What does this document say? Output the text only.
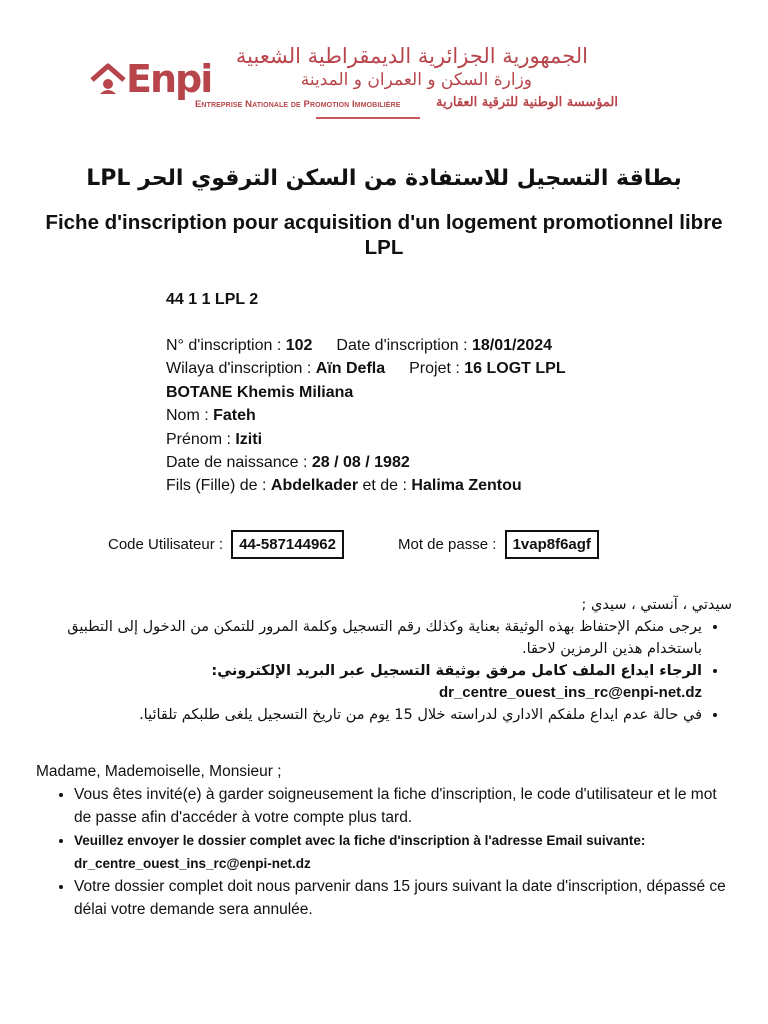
Enpi
الجمهورية الجزائرية الديمقراطية الشعبية
وزارة السكن و العمران و المدينة
Entreprise Nationale de Promotion Immobilière	المؤسسة الوطنية للترقية العقارية
بطاقة التسجيل للاستفادة من السكن الترقوي الحر LPL
Fiche d'inscription pour acquisition d'un logement promotionnel libre LPL
44 1 1 LPL 2
N° d'inscription : 102 Date d'inscription : 18/01/2024
Wilaya d'inscription : Aïn Defla Projet : 16 LOGT LPL
BOTANE Khemis Miliana
Nom : Fateh
Prénom : Iziti
Date de naissance : 28 / 08 / 1982
Fils (Fille) de : Abdelkader et de : Halima Zentou
Code Utilisateur : 44-587144962	Mot de passe : 1vap8f6agf
سيدتي ، آنستي ، سيدي ;
• يرجى منكم الإحتفاظ بهذه الوثيقة بعناية وكذلك رقم التسجيل وكلمة المرور للتمكن من الدخول إلى التطبيق باستخدام هذين الرمزين لاحقا.
• الرجاء ايداع الملف كامل مرفق بوثيقة التسجيل عبر البريد الإلكتروني:
dr_centre_ouest_ins_rc@enpi-net.dz
• في حالة عدم ايداع ملفكم الاداري لدراسته خلال 15 يوم من تاريخ التسجيل يلغى طلبكم تلقائيا.
Madame, Mademoiselle, Monsieur ;
• Vous êtes invité(e) à garder soigneusement la fiche d'inscription, le code d'utilisateur et le mot de passe afin d'accéder à votre compte plus tard.
• Veuillez envoyer le dossier complet avec la fiche d'inscription à l'adresse Email suivante:
dr_centre_ouest_ins_rc@enpi-net.dz
• Votre dossier complet doit nous parvenir dans 15 jours suivant la date d'inscription, dépassé ce délai votre demande sera annulée.
